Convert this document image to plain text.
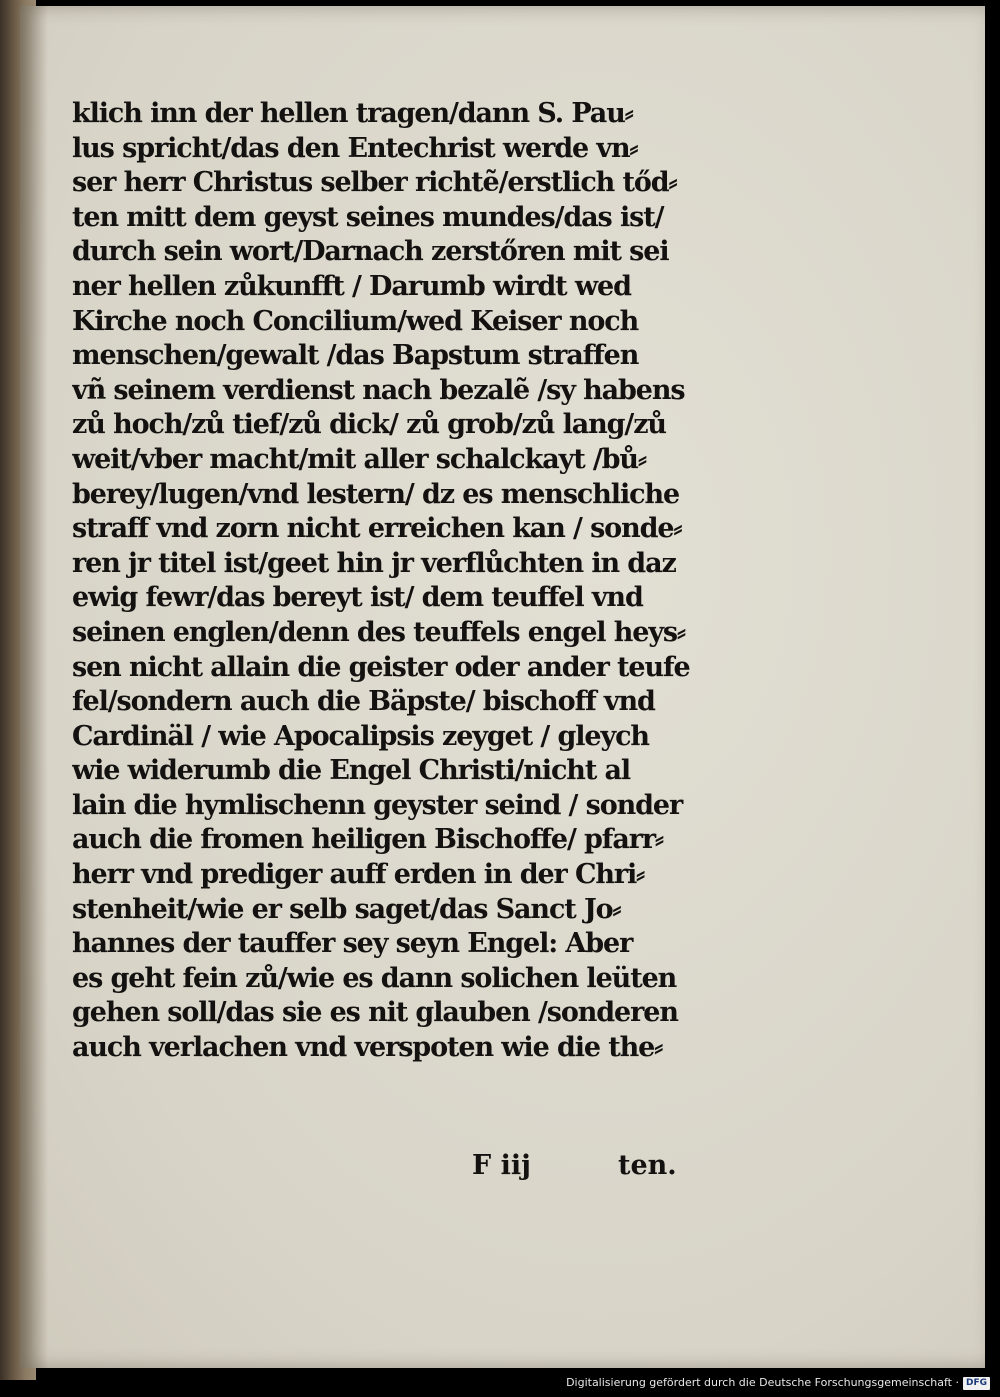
klich inn der hellen tragen/dann S. Pau⸗
lus spricht/das den Entechrist werde vn⸗
ser herr Christus selber richtẽ/erstlich tőd⸗
ten mitt dem geyst seines mundes/das ist/
durch sein wort/Darnach zerstőren mit sei
ner hellen zůkunfft / Darumb wirdt wed
Kirche noch Concilium/wed Keiser noch
menschen/gewalt /das Bapstum straffen
vñ seinem verdienst nach bezalẽ /sy habens
zů hoch/zů tief/zů dick/ zů grob/zů lang/zů
weit/vber macht/mit aller schalckayt /bů⸗
berey/lugen/vnd lestern/ dz es menschliche
straff vnd zorn nicht erreichen kan / sonde⸗
ren jr titel ist/geet hin jr verflůchten in daz
ewig fewr/das bereyt ist/ dem teuffel vnd
seinen englen/denn des teuffels engel heys⸗
sen nicht allain die geister oder ander teufe
fel/sondern auch die Bäpste/ bischoff vnd
Cardinäl / wie Apocalipsis zeyget / gleych
wie widerumb die Engel Christi/nicht al
lain die hymlischenn geyster seind / sonder
auch die fromen heiligen Bischoffe/ pfarr⸗
herr vnd prediger auff erden in der Chri⸗
stenheit/wie er selb saget/das Sanct Jo⸗
hannes der tauffer sey seyn Engel: Aber
es geht fein zů/wie es dann solichen leüten
gehen soll/das sie es nit glauben /sonderen
auch verlachen vnd verspoten wie die the⸗
F iij	ten.
Digitalisierung gefördert durch die Deutsche Forschungsgemeinschaft · DFG
